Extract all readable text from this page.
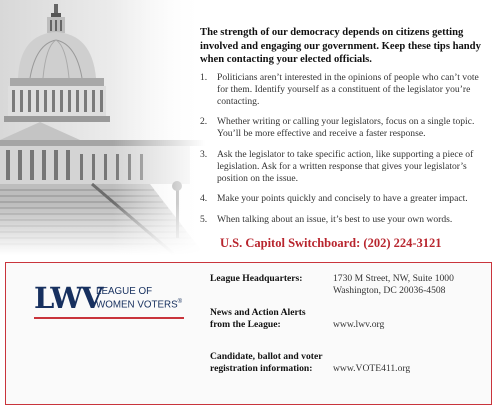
The strength of our democracy depends on citizens getting involved and engaging our government. Keep these tips handy when contacting your elected officials.
1. Politicians aren’t interested in the opinions of people who can’t vote for them. Identify yourself as a constituent of the legislator you’re contacting.
2. Whether writing or calling your legislators, focus on a single topic. You’ll be more effective and receive a faster response.
3. Ask the legislator to take specific action, like supporting a piece of legislation. Ask for a written response that gives your legislator’s position on the issue.
4. Make your points quickly and concisely to have a greater impact.
5. When talking about an issue, it’s best to use your own words.
U.S. Capitol Switchboard: (202) 224-3121
LWV
LEAGUE OF
WOMEN VOTERS®
League Headquarters:	1730 M Street, NW, Suite 1000
Washington, DC 20036-4508
News and Action Alerts
from the League:	www.lwv.org
Candidate, ballot and voter
registration information:	www.VOTE411.org
